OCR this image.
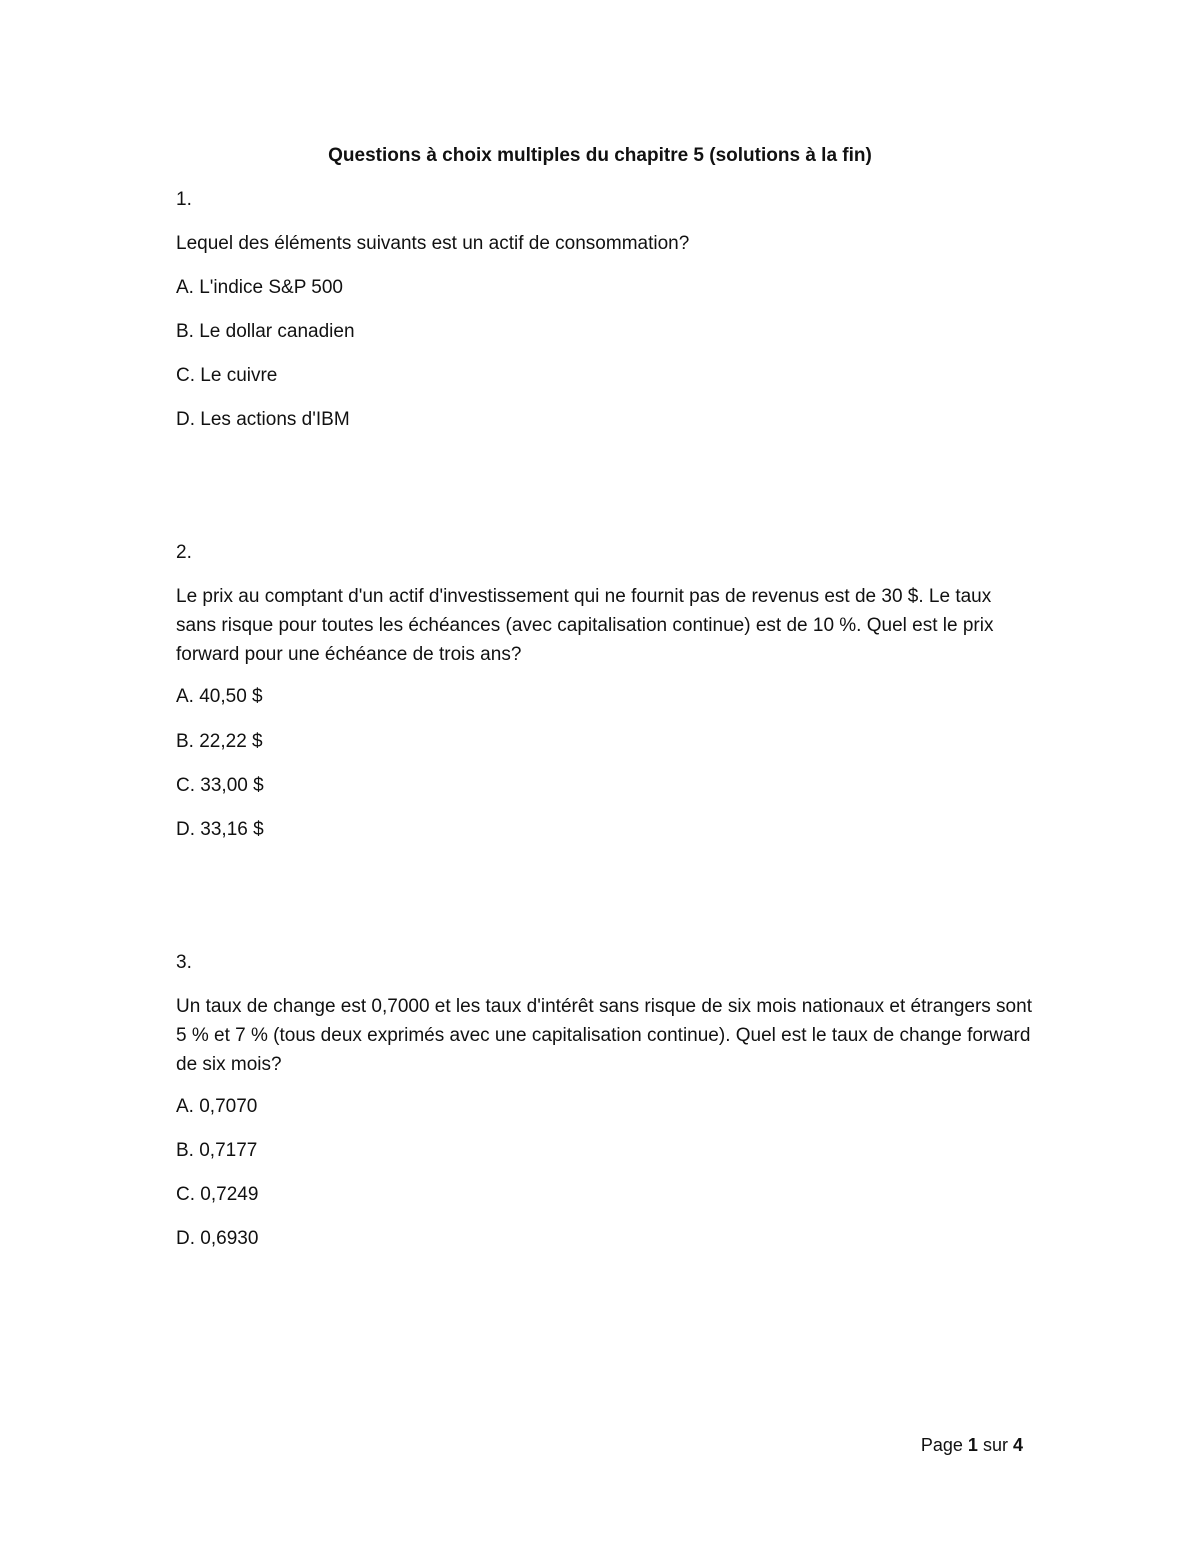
Questions à choix multiples du chapitre 5 (solutions à la fin)
1.
Lequel des éléments suivants est un actif de consommation?
A. L'indice S&P 500
B. Le dollar canadien
C. Le cuivre
D. Les actions d'IBM
2.
Le prix au comptant d'un actif d'investissement qui ne fournit pas de revenus est de 30 $. Le taux sans risque pour toutes les échéances (avec capitalisation continue) est de 10 %. Quel est le prix forward pour une échéance de trois ans?
A. 40,50 $
B. 22,22 $
C. 33,00 $
D. 33,16 $
3.
Un taux de change est 0,7000 et les taux d'intérêt sans risque de six mois nationaux et étrangers sont 5 % et 7 % (tous deux exprimés avec une capitalisation continue). Quel est le taux de change forward de six mois?
A. 0,7070
B. 0,7177
C. 0,7249
D. 0,6930
Page 1 sur 4
